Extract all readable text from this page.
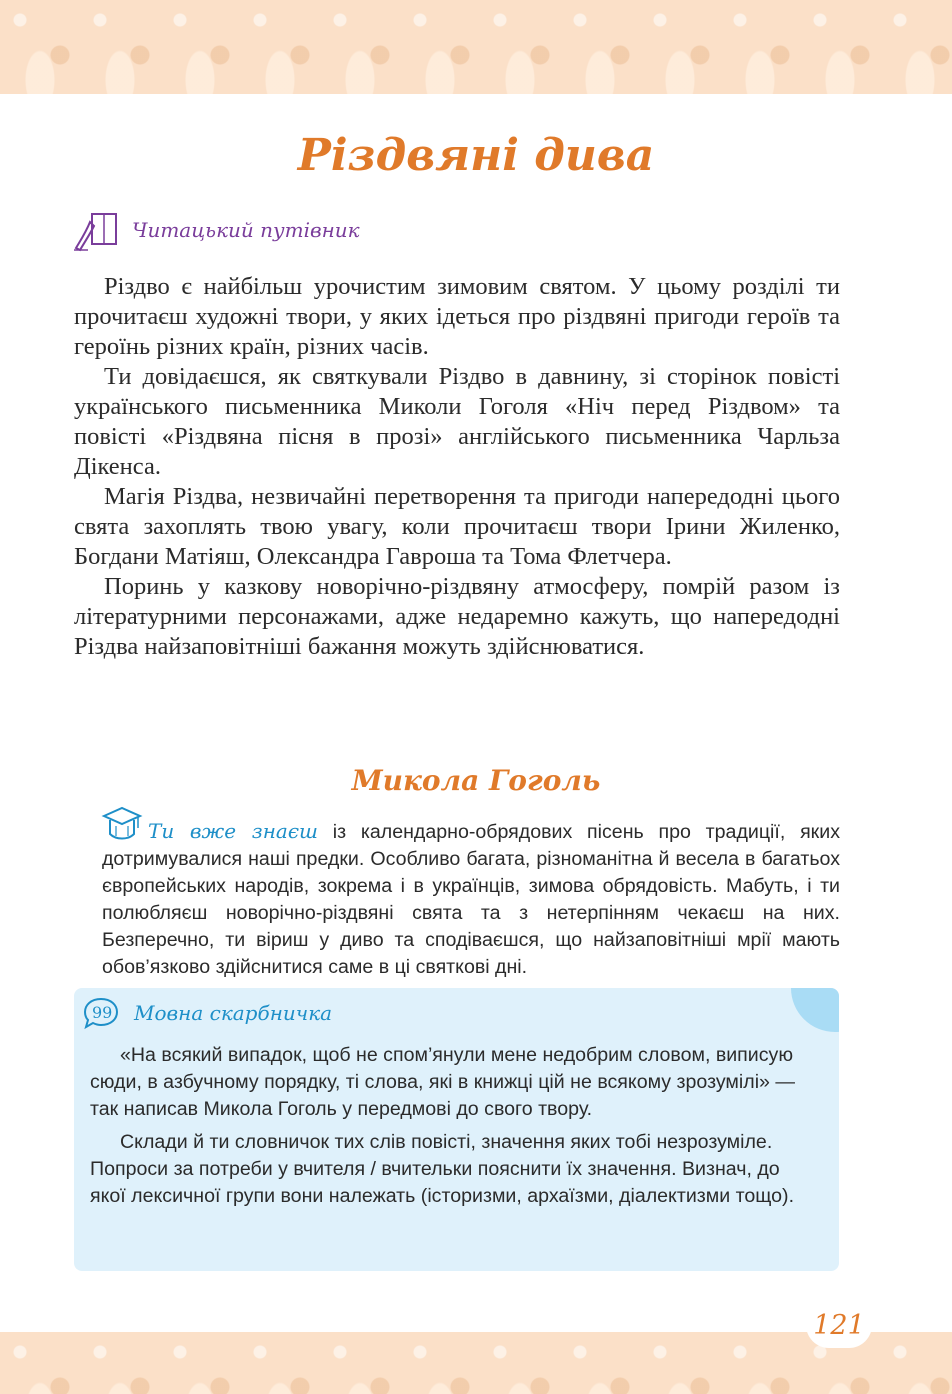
Різдвяні дива
Читацький путівник

Різдво є найбільш урочистим зимовим святом. У цьому розділі ти прочитаєш художні твори, у яких ідеться про різдвяні пригоди героїв та героїнь різних країн, різних часів.

Ти довідаєшся, як святкували Різдво в давнину, зі сторінок повісті українського письменника Миколи Гоголя «Ніч перед Різдвом» та повісті «Різдвяна пісня в прозі» англійського письменника Чарльза Дікенса.

Магія Різдва, незвичайні перетворення та пригоди напередодні цього свята захоплять твою увагу, коли прочитаєш твори Ірини Жиленко, Богдани Матіяш, Олександра Гавроша та Тома Флетчера.

Поринь у казкову новорічно-різдвяну атмосферу, помрій разом із літературними персонажами, адже недаремно кажуть, що напередодні Різдва найзаповітніші бажання можуть здійснюватися.

Микола Гоголь
Ти вже знаєш із календарно-обрядових пісень про традиції, яких дотримувалися наші предки. Особливо багата, різноманітна й весела в багатьох європейських народів, зокрема і в українців, зимова обрядовість. Мабуть, і ти полюбляєш новорічно-різдвяні свята та з нетерпінням чекаєш на них. Безперечно, ти віриш у диво та сподіваєшся, що найзаповітніші мрії мають обов’язково здійснитися саме в ці святкові дні.
99 Мовна скарбничка

«На всякий випадок, щоб не спом’янули мене недобрим словом, виписую сюди, в азбучному порядку, ті слова, які в книжці цій не всякому зрозумілі» — так написав Микола Гоголь у передмові до свого твору.

Склади й ти словничок тих слів повісті, значення яких тобі незрозуміле. Попроси за потреби у вчителя / вчительки пояснити їх значення. Визнач, до якої лексичної групи вони належать (історизми, архаїзми, діалектизми тощо).

121
